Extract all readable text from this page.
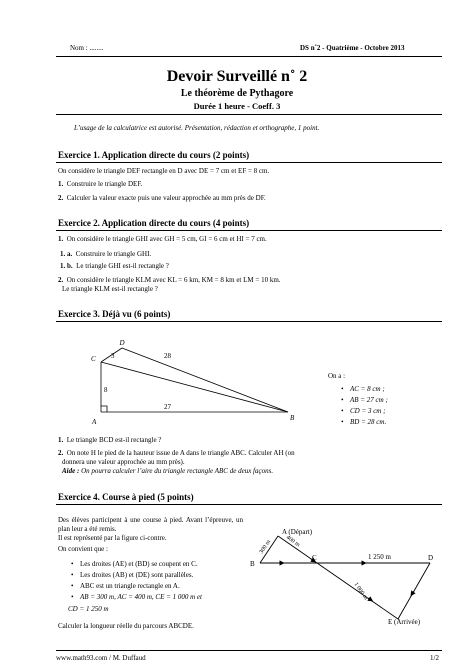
Nom : ........	DS n˚2 - Quatrième - Octobre 2013
Devoir Surveillé n˚ 2
Le théorème de Pythagore
Durée 1 heure - Coeff. 3
L’usage de la calculatrice est autorisé. Présentation, rédaction et orthographe, 1 point.
Exercice 1. Application directe du cours (2 points)
On considère le triangle DEF rectangle en D avec DE = 7 cm et EF = 8 cm.
1. Construire le triangle DEF.
2. Calculer la valeur exacte puis une valeur approchée au mm près de DF.
Exercice 2. Application directe du cours (4 points)
1. On considère le triangle GHI avec GH = 5 cm, GI = 6 cm et HI = 7 cm.
1. a. Construire le triangle GHI.
1. b. Le triangle GHI est-il rectangle ?
2. On considère le triangle KLM avec KL = 6 km, KM = 8 km et LM = 10 km.
Le triangle KLM est-il rectangle ?
Exercice 3. Déjà vu (6 points)
D
C
A	B
3	28
8
27
On a :
• AC = 8 cm ;
• AB = 27 cm ;
• CD = 3 cm ;
• BD = 28 cm.
1. Le triangle BCD est-il rectangle ?
2. On note H le pied de la hauteur issue de A dans le triangle ABC. Calculer AH (on
donnera une valeur approchée au mm près).
Aide : On pourra calculer l’aire du triangle rectangle ABC de deux façons.
Exercice 4. Course à pied (5 points)
Des élèves participent à une course à pied. Avant l’épreuve, un plan leur a été remis.
Il est représenté par la figure ci-contre.
On convient que :
• Les droites (AE) et (BD) se coupent en C.
• Les droites (AB) et (DE) sont parallèles.
• ABC est un triangle rectangle en A.
• AB = 300 m, AC = 400 m, CE = 1 000 m et
CD = 1 250 m
Calculer la longueur réelle du parcours ABCDE.
A (Départ)
B
C	D
E (Arrivée)
300 m 400 m
1 250 m
1 000 m
www.math93.com / M. Duffaud	1/2
